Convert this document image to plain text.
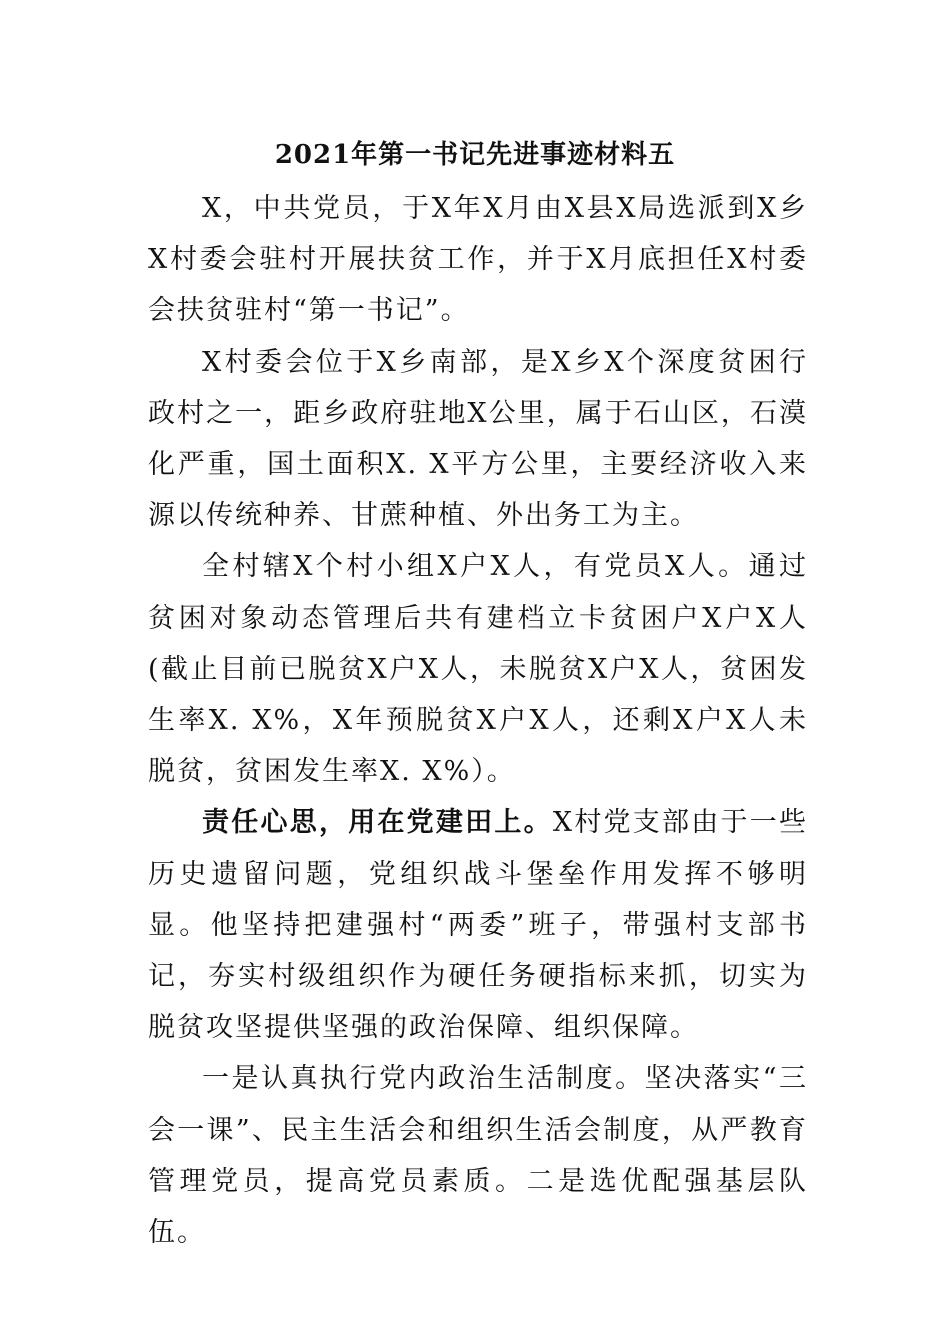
2021年第一书记先进事迹材料五

X，中共党员，于X年X月由X县X局选派到X乡X村委会驻村开展扶贫工作，并于X月底担任X村委会扶贫驻村“第一书记”。

X村委会位于X乡南部，是X乡X个深度贫困行政村之一，距乡政府驻地X公里，属于石山区，石漠化严重，国土面积X. X平方公里，主要经济收入来源以传统种养、甘蔗种植、外出务工为主。

全村辖X个村小组X户X人，有党员X人。通过贫困对象动态管理后共有建档立卡贫困户X户X人(截止目前已脱贫X户X人，未脱贫X户X人，贫困发生率X. X%，X年预脱贫X户X人，还剩X户X人未脱贫，贫困发生率X. X%）。

责任心思，用在党建田上。X村党支部由于一些历史遗留问题，党组织战斗堡垒作用发挥不够明显。他坚持把建强村“两委”班子，带强村支部书记，夯实村级组织作为硬任务硬指标来抓，切实为脱贫攻坚提供坚强的政治保障、组织保障。

一是认真执行党内政治生活制度。坚决落实“三会一课”、民主生活会和组织生活会制度，从严教育管理党员，提高党员素质。二是选优配强基层队伍。
